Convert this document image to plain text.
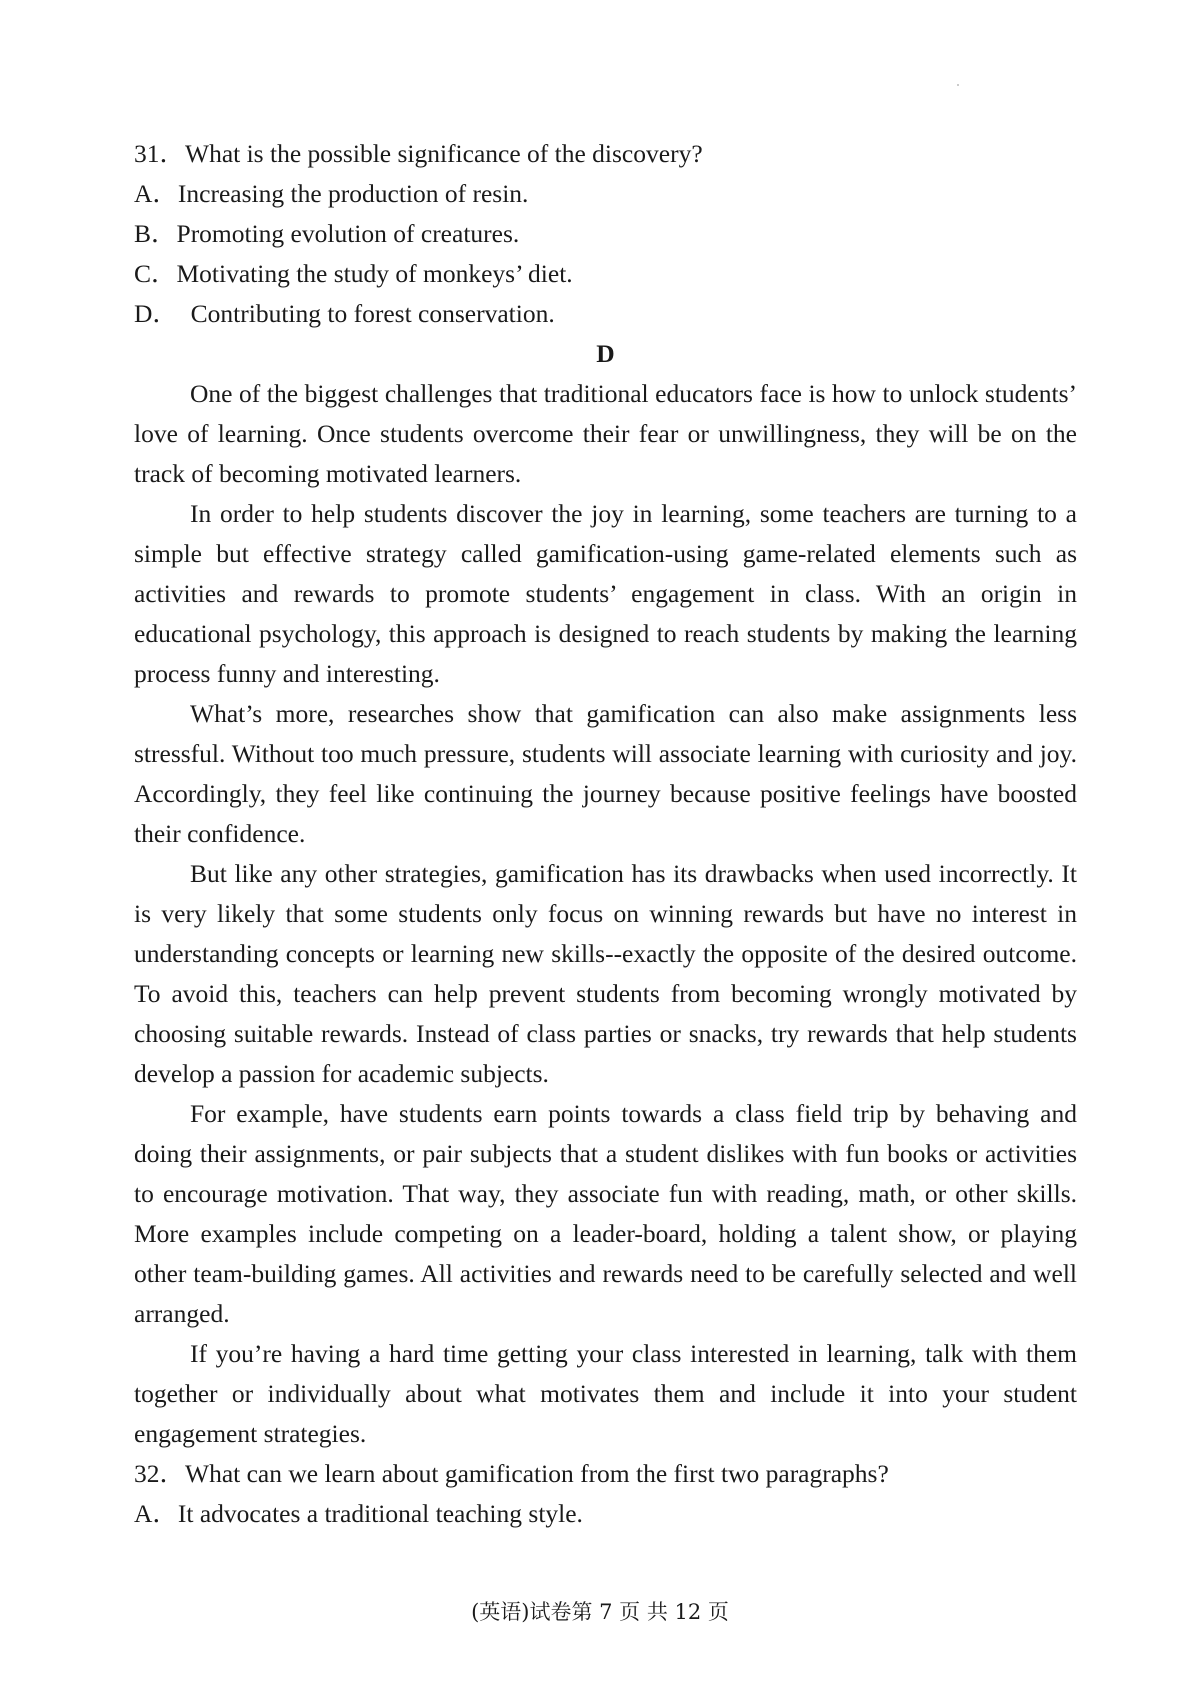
31．What is the possible significance of the discovery?

A．Increasing the production of resin.

B．Promoting evolution of creatures.

C．Motivating the study of monkeys’ diet.

D．  Contributing to forest conservation.

D

One of the biggest challenges that traditional educators face is how to unlock students’ love of learning. Once students overcome their fear or unwillingness, they will be on the track of becoming motivated learners.

In order to help students discover the joy in learning, some teachers are turning to a simple but effective strategy called gamification-using game-related elements such as activities and rewards to promote students’ engagement in class. With an origin in educational psychology, this approach is designed to reach students by making the learning process funny and interesting.

What’s more, researches show that gamification can also make assignments less stressful. Without too much pressure, students will associate learning with curiosity and joy. Accordingly, they feel like continuing the journey because positive feelings have boosted their confidence.

But like any other strategies, gamification has its drawbacks when used incorrectly. It is very likely that some students only focus on winning rewards but have no interest in understanding concepts or learning new skills--exactly the opposite of the desired outcome. To avoid this, teachers can help prevent students from becoming wrongly motivated by choosing suitable rewards. Instead of class parties or snacks, try rewards that help students develop a passion for academic subjects.

For example, have students earn points towards a class field trip by behaving and doing their assignments, or pair subjects that a student dislikes with fun books or activities to encourage motivation. That way, they associate fun with reading, math, or other skills. More examples include competing on a leader-board, holding a talent show, or playing other team-building games. All activities and rewards need to be carefully selected and well arranged.

If you’re having a hard time getting your class interested in learning, talk with them together or individually about what motivates them and include it into your student engagement strategies.

32．What can we learn about gamification from the first two paragraphs?

A．It advocates a traditional teaching style.

(英语)试卷第 7 页 共 12 页
